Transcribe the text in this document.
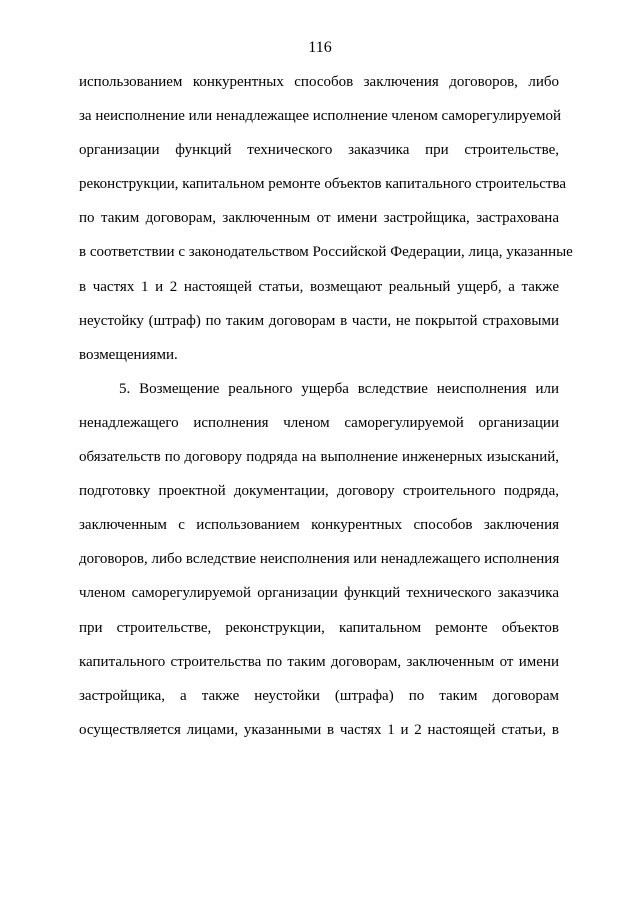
116
использованием конкурентных способов заключения договоров, либо
за неисполнение или ненадлежащее исполнение членом саморегулируемой
организации функций технического заказчика при строительстве,
реконструкции, капитальном ремонте объектов капитального строительства
по таким договорам, заключенным от имени застройщика, застрахована
в соответствии с законодательством Российской Федерации, лица, указанные
в частях 1 и 2 настоящей статьи, возмещают реальный ущерб, а также
неустойку (штраф) по таким договорам в части, не покрытой страховыми
возмещениями.
5. Возмещение реального ущерба вследствие неисполнения или
ненадлежащего исполнения членом саморегулируемой организации
обязательств по договору подряда на выполнение инженерных изысканий,
подготовку проектной документации, договору строительного подряда,
заключенным с использованием конкурентных способов заключения
договоров, либо вследствие неисполнения или ненадлежащего исполнения
членом саморегулируемой организации функций технического заказчика
при строительстве, реконструкции, капитальном ремонте объектов
капитального строительства по таким договорам, заключенным от имени
застройщика, а также неустойки (штрафа) по таким договорам
осуществляется лицами, указанными в частях 1 и 2 настоящей статьи, в
